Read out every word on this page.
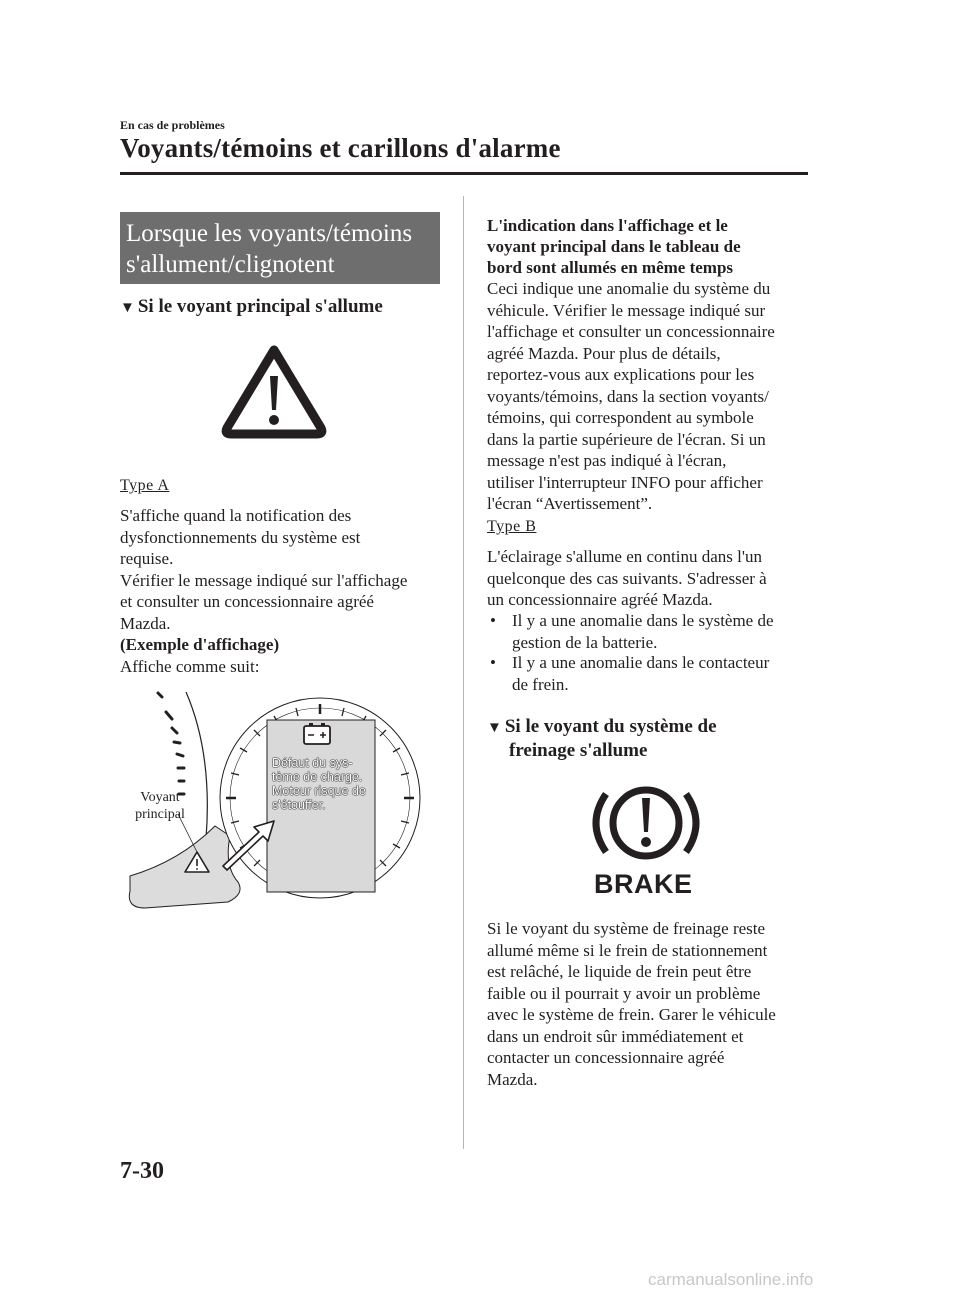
En cas de problèmes
Voyants/témoins et carillons d'alarme
Lorsque les voyants/témoins
s'allument/clignotent
▼ Si le voyant principal s'allume
Type A
S'affiche quand la notification des
dysfonctionnements du système est
requise.
Vérifier le message indiqué sur l'affichage
et consulter un concessionnaire agréé
Mazda.
(Exemple d'affichage)
Affiche comme suit:
Voyant
principal
Défaut du sys-
tème de charge.
Moteur risque de
s'étouffer.
L'indication dans l'affichage et le
voyant principal dans le tableau de
bord sont allumés en même temps
Ceci indique une anomalie du système du
véhicule. Vérifier le message indiqué sur
l'affichage et consulter un concessionnaire
agréé Mazda. Pour plus de détails,
reportez-vous aux explications pour les
voyants/témoins, dans la section voyants/
témoins, qui correspondent au symbole
dans la partie supérieure de l'écran. Si un
message n'est pas indiqué à l'écran,
utiliser l'interrupteur INFO pour afficher
l'écran “Avertissement”.
Type B
L'éclairage s'allume en continu dans l'un
quelconque des cas suivants. S'adresser à
un concessionnaire agréé Mazda.
• Il y a une anomalie dans le système de
gestion de la batterie.
• Il y a une anomalie dans le contacteur
de frein.
▼ Si le voyant du système de
freinage s'allume
BRAKE
Si le voyant du système de freinage reste
allumé même si le frein de stationnement
est relâché, le liquide de frein peut être
faible ou il pourrait y avoir un problème
avec le système de frein. Garer le véhicule
dans un endroit sûr immédiatement et
contacter un concessionnaire agréé
Mazda.
7-30
carmanualsonline.info
